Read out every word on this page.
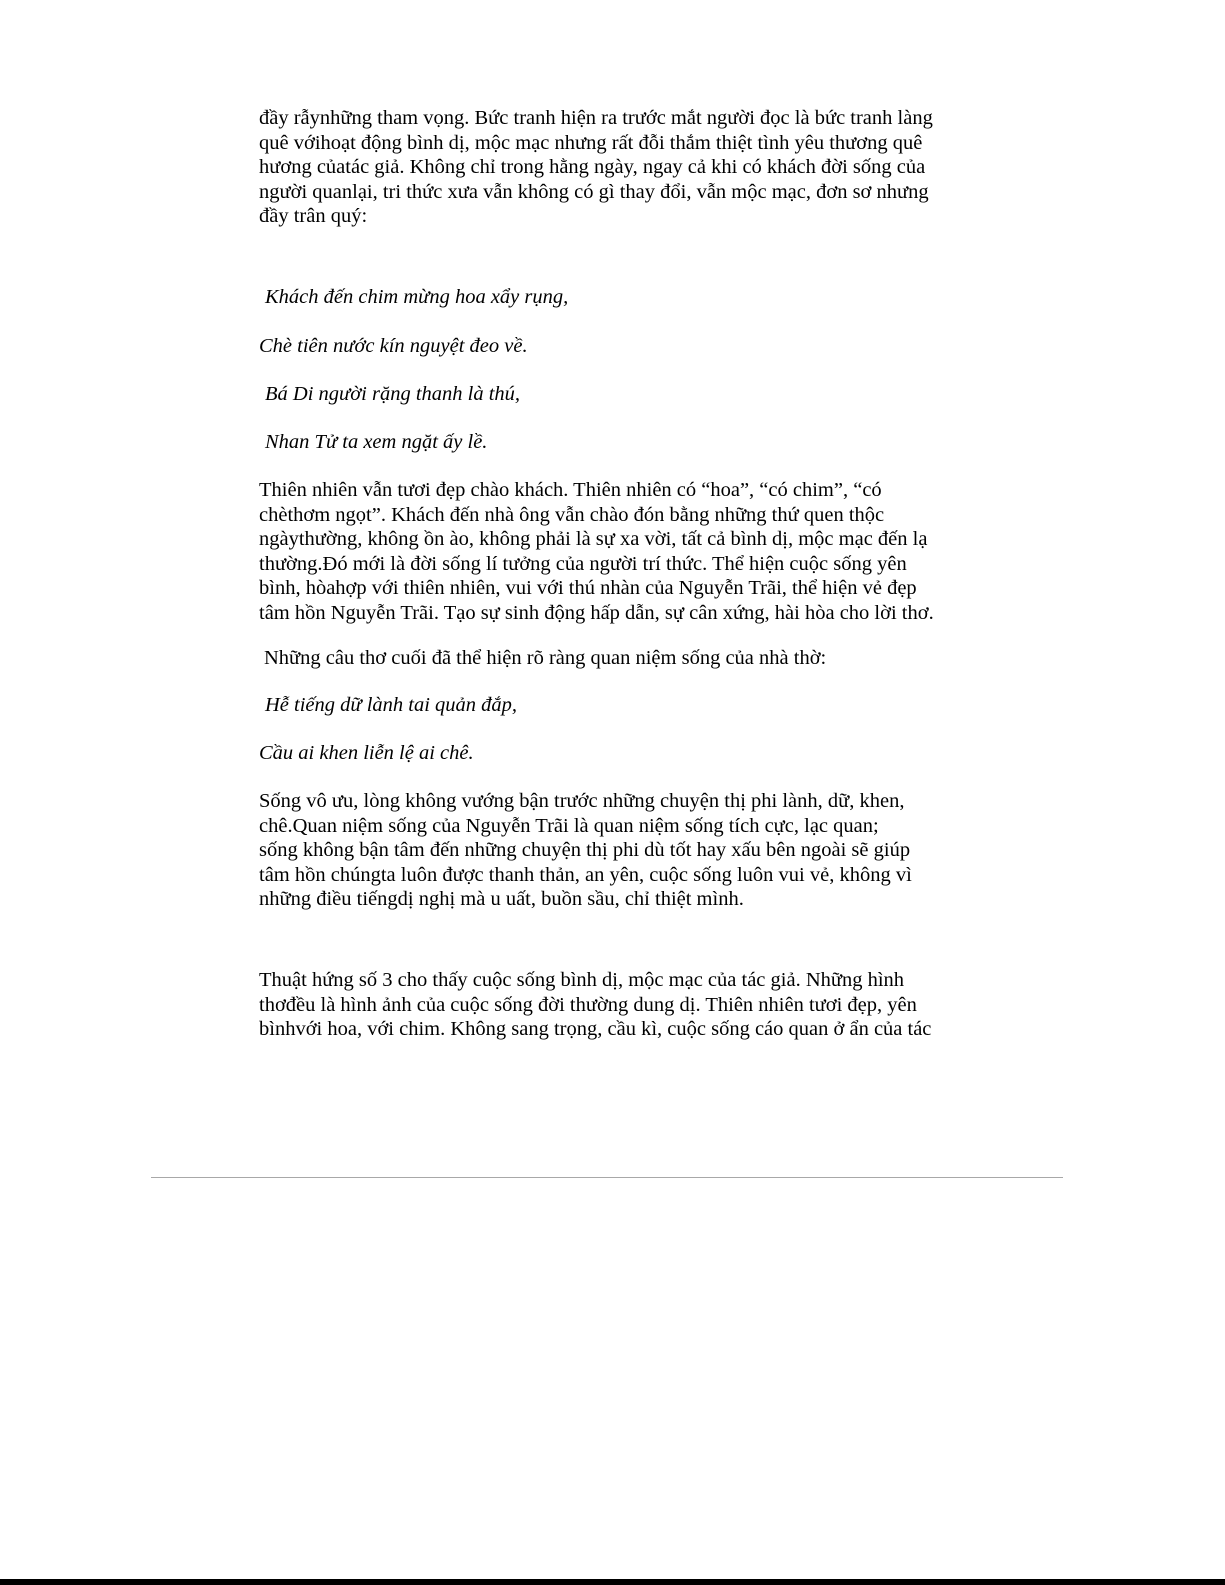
đầy rẫynhững tham vọng. Bức tranh hiện ra trước mắt người đọc là bức tranh làng
quê vớihoạt động bình dị, mộc mạc nhưng rất đỗi thắm thiệt tình yêu thương quê
hương củatác giả. Không chỉ trong hằng ngày, ngay cả khi có khách đời sống của
người quanlại, tri thức xưa vẫn không có gì thay đổi, vẫn mộc mạc, đơn sơ nhưng
đầy trân quý:

Khách đến chim mừng hoa xẩy rụng,

Chè tiên nước kín nguyệt đeo về.

Bá Di người rặng thanh là thú,

Nhan Tử ta xem ngặt ấy lề.

Thiên nhiên vẫn tươi đẹp chào khách. Thiên nhiên có “hoa”, “có chim”, “có
chèthơm ngọt”. Khách đến nhà ông vẫn chào đón bằng những thứ quen thộc
ngàythường, không ồn ào, không phải là sự xa vời, tất cả bình dị, mộc mạc đến lạ
thường.Đó mới là đời sống lí tưởng của người trí thức. Thể hiện cuộc sống yên
bình, hòahợp với thiên nhiên, vui với thú nhàn của Nguyễn Trãi, thể hiện vẻ đẹp
tâm hồn Nguyễn Trãi. Tạo sự sinh động hấp dẫn, sự cân xứng, hài hòa cho lời thơ.

Những câu thơ cuối đã thể hiện rõ ràng quan niệm sống của nhà thờ:

Hễ tiếng dữ lành tai quản đắp,

Cầu ai khen liễn lệ ai chê.

Sống vô ưu, lòng không vướng bận trước những chuyện thị phi lành, dữ, khen,
chê.Quan niệm sống của Nguyễn Trãi là quan niệm sống tích cực, lạc quan;
sống không bận tâm đến những chuyện thị phi dù tốt hay xấu bên ngoài sẽ giúp
tâm hồn chúngta luôn được thanh thản, an yên, cuộc sống luôn vui vẻ, không vì
những điều tiếngdị nghị mà u uất, buồn sầu, chỉ thiệt mình.

Thuật hứng số 3 cho thấy cuộc sống bình dị, mộc mạc của tác giả. Những hình
thơđều là hình ảnh của cuộc sống đời thường dung dị. Thiên nhiên tươi đẹp, yên
bìnhvới hoa, với chim. Không sang trọng, cầu kì, cuộc sống cáo quan ở ẩn của tác
